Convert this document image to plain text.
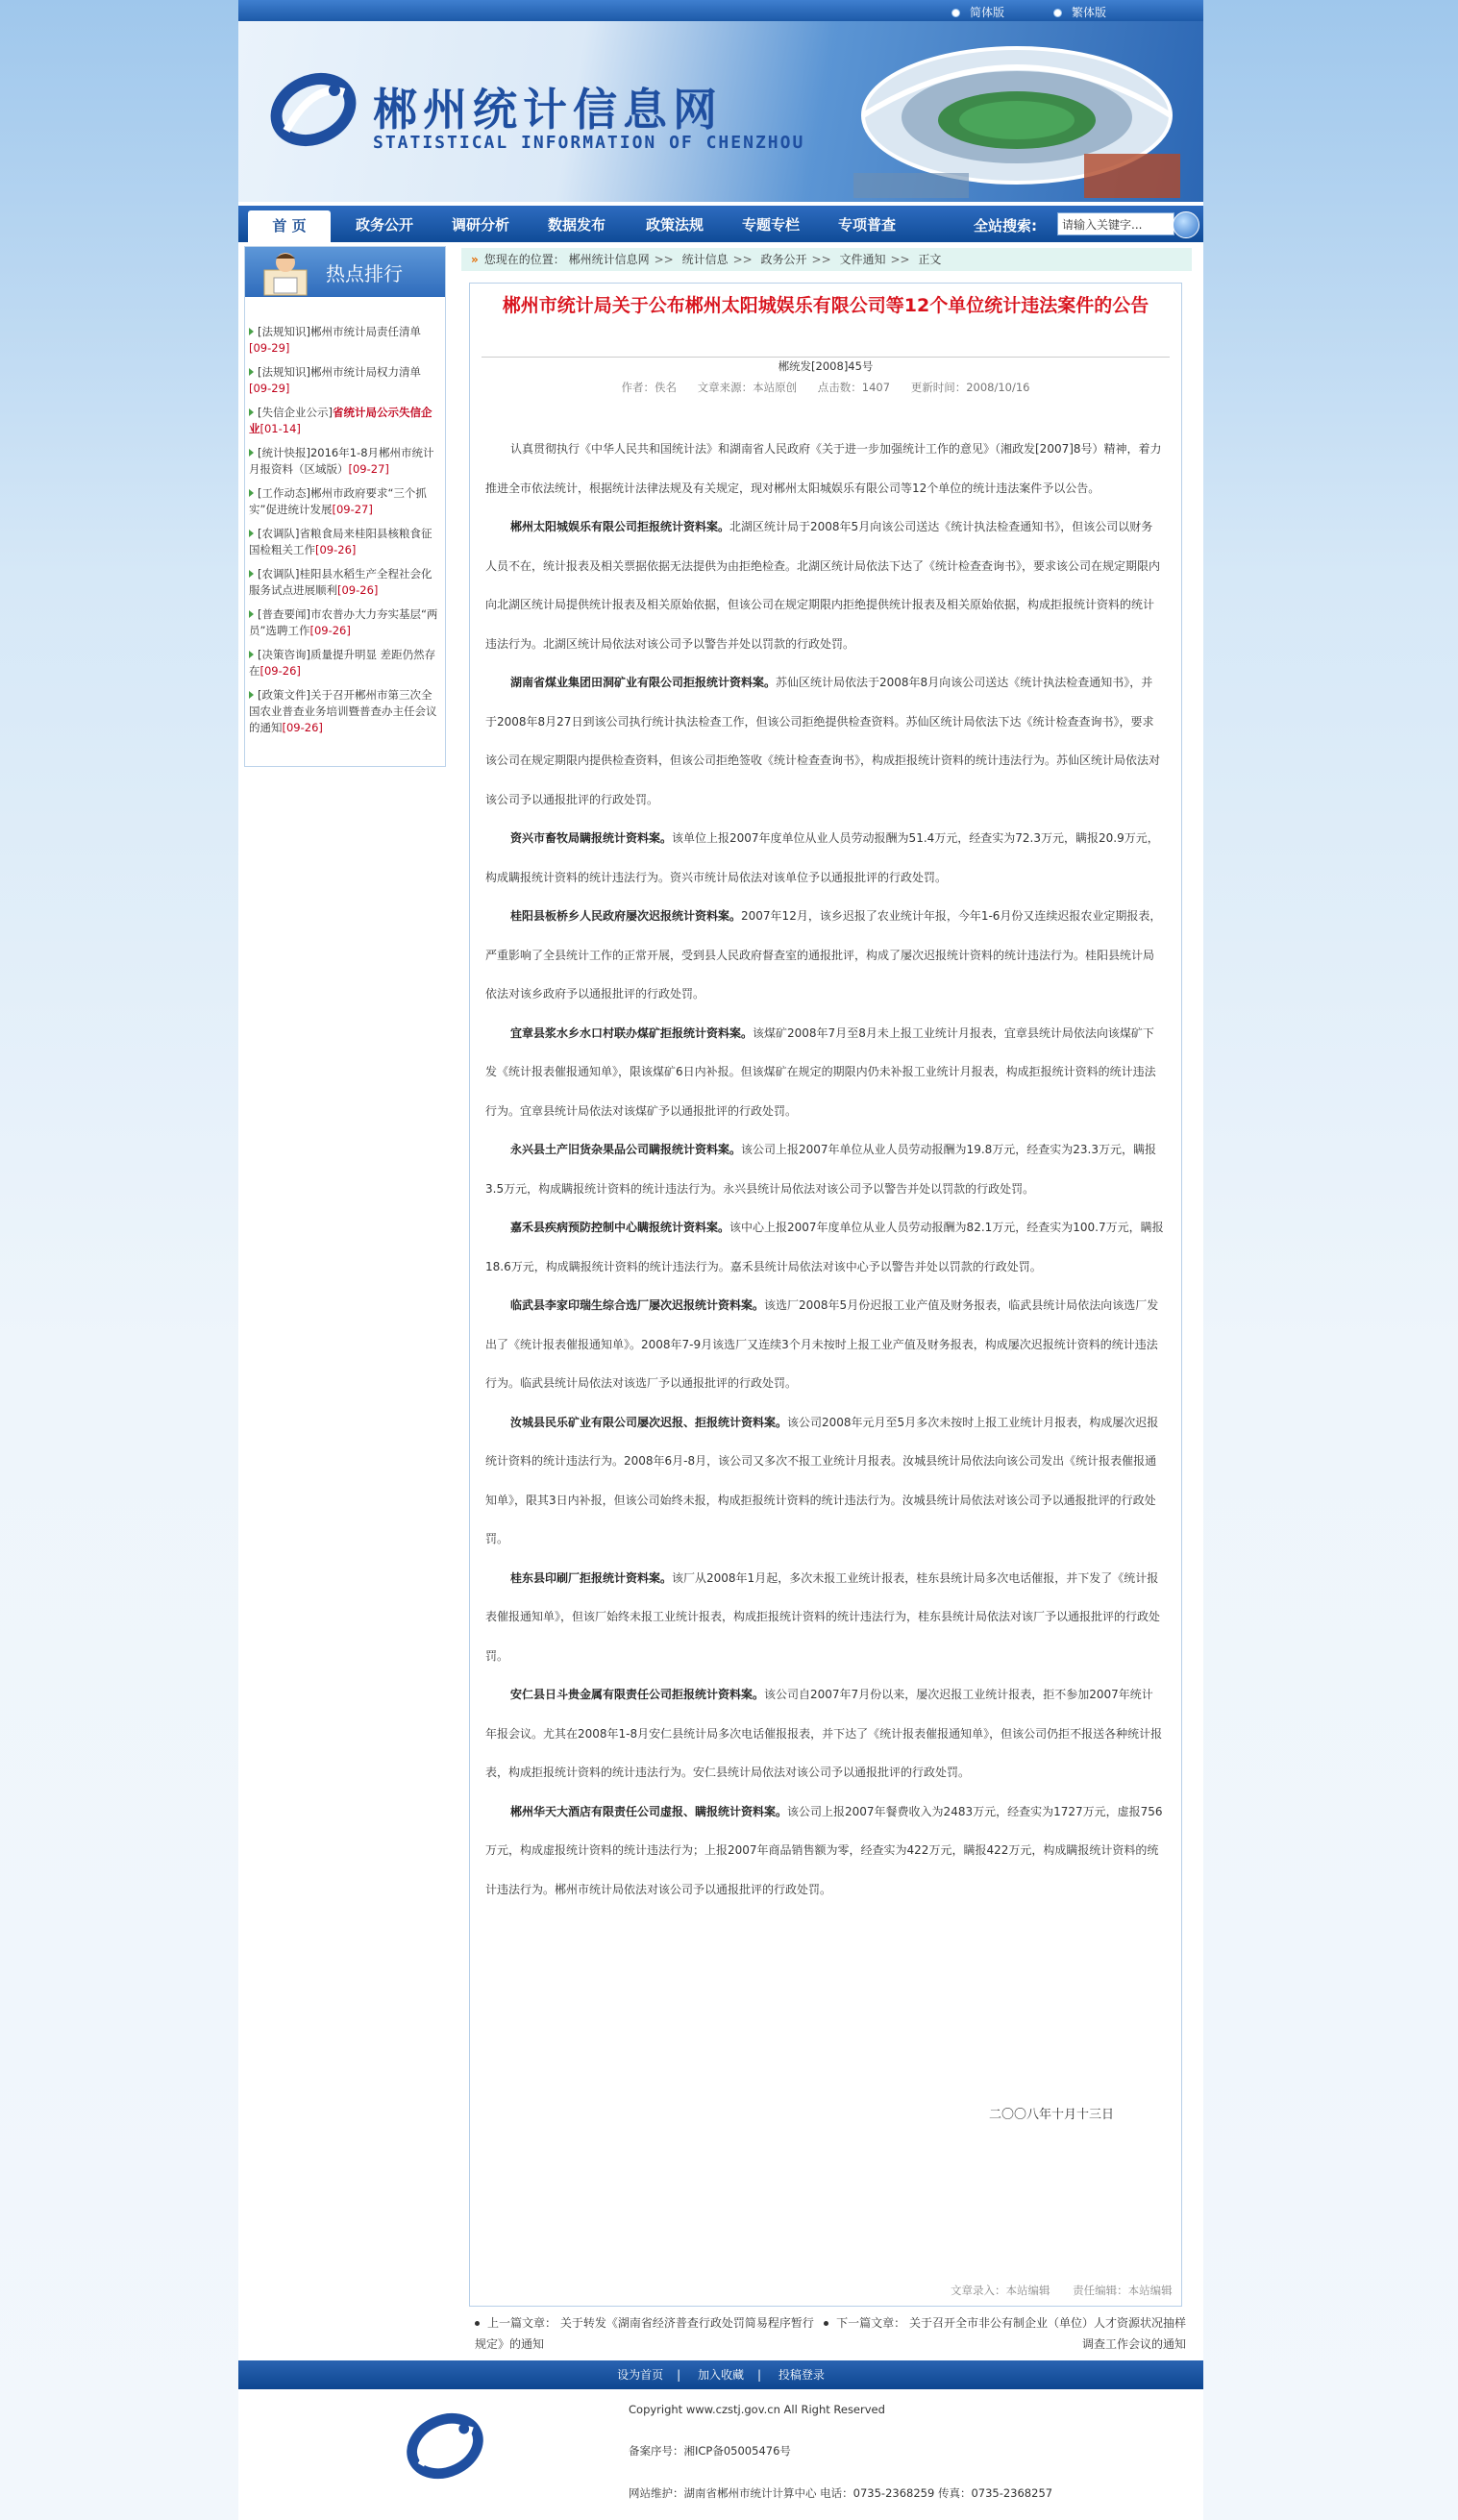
简体版	繁体版
郴州统计信息网
STATISTICAL INFORMATION OF CHENZHOU
首 页	政务公开	调研分析	数据发布	政策法规	专题专栏	专项普查	全站搜索:
请输入关键字...
热点排行
[法规知识]郴州市统计局责任清单
[09-29]
[法规知识]郴州市统计局权力清单
[09-29]
[失信企业公示]省统计局公示失信企业[01-14]
[统计快报]2016年1-8月郴州市统计月报资料（区域版）[09-27]
[工作动态]郴州市政府要求“三个抓实”促进统计发展[09-27]
[农调队]省粮食局来桂阳县核粮食征国检粗关工作[09-26]
[农调队]桂阳县水稻生产全程社会化服务试点进展顺利[09-26]
[普查要闻]市农普办大力夯实基层“两员”选聘工作[09-26]
[决策咨询]质量提升明显 差距仍然存在[09-26]
[政策文件]关于召开郴州市第三次全国农业普查业务培训暨普查办主任会议的通知[09-26]
» 您现在的位置： 郴州统计信息网 >> 统计信息 >> 政务公开 >> 文件通知 >> 正文
郴州市统计局关于公布郴州太阳城娱乐有限公司等12个单位统计违法案件的公告
郴统发[2008]45号
作者：佚名 文章来源：本站原创 点击数：1407 更新时间：2008/10/16

认真贯彻执行《中华人民共和国统计法》和湖南省人民政府《关于进一步加强统计工作的意见》（湘政发[2007]8号）精神，着力推进全市依法统计，根据统计法律法规及有关规定，现对郴州太阳城娱乐有限公司等12个单位的统计违法案件予以公告。

郴州太阳城娱乐有限公司拒报统计资料案。北湖区统计局于2008年5月向该公司送达《统计执法检查通知书》，但该公司以财务人员不在，统计报表及相关票据依据无法提供为由拒绝检查。北湖区统计局依法下达了《统计检查查询书》，要求该公司在规定期限内向北湖区统计局提供统计报表及相关原始依据，但该公司在规定期限内拒绝提供统计报表及相关原始依据，构成拒报统计资料的统计违法行为。北湖区统计局依法对该公司予以警告并处以罚款的行政处罚。

湖南省煤业集团田洞矿业有限公司拒报统计资料案。苏仙区统计局依法于2008年8月向该公司送达《统计执法检查通知书》，并于2008年8月27日到该公司执行统计执法检查工作，但该公司拒绝提供检查资料。苏仙区统计局依法下达《统计检查查询书》，要求该公司在规定期限内提供检查资料，但该公司拒绝签收《统计检查查询书》，构成拒报统计资料的统计违法行为。苏仙区统计局依法对该公司予以通报批评的行政处罚。

资兴市畜牧局瞒报统计资料案。该单位上报2007年度单位从业人员劳动报酬为51.4万元，经查实为72.3万元，瞒报20.9万元，构成瞒报统计资料的统计违法行为。资兴市统计局依法对该单位予以通报批评的行政处罚。

桂阳县板桥乡人民政府屡次迟报统计资料案。2007年12月，该乡迟报了农业统计年报，今年1-6月份又连续迟报农业定期报表，严重影响了全县统计工作的正常开展，受到县人民政府督查室的通报批评，构成了屡次迟报统计资料的统计违法行为。桂阳县统计局依法对该乡政府予以通报批评的行政处罚。

宜章县浆水乡水口村联办煤矿拒报统计资料案。该煤矿2008年7月至8月未上报工业统计月报表，宜章县统计局依法向该煤矿下发《统计报表催报通知单》，限该煤矿6日内补报。但该煤矿在规定的期限内仍未补报工业统计月报表，构成拒报统计资料的统计违法行为。宜章县统计局依法对该煤矿予以通报批评的行政处罚。

永兴县土产旧货杂果品公司瞒报统计资料案。该公司上报2007年单位从业人员劳动报酬为19.8万元，经查实为23.3万元，瞒报3.5万元，构成瞒报统计资料的统计违法行为。永兴县统计局依法对该公司予以警告并处以罚款的行政处罚。

嘉禾县疾病预防控制中心瞒报统计资料案。该中心上报2007年度单位从业人员劳动报酬为82.1万元，经查实为100.7万元，瞒报18.6万元，构成瞒报统计资料的统计违法行为。嘉禾县统计局依法对该中心予以警告并处以罚款的行政处罚。

临武县李家印瑞生综合选厂屡次迟报统计资料案。该选厂2008年5月份迟报工业产值及财务报表，临武县统计局依法向该选厂发出了《统计报表催报通知单》。2008年7-9月该选厂又连续3个月未按时上报工业产值及财务报表，构成屡次迟报统计资料的统计违法行为。临武县统计局依法对该选厂予以通报批评的行政处罚。

汝城县民乐矿业有限公司屡次迟报、拒报统计资料案。该公司2008年元月至5月多次未按时上报工业统计月报表，构成屡次迟报统计资料的统计违法行为。2008年6月-8月，该公司又多次不报工业统计月报表。汝城县统计局依法向该公司发出《统计报表催报通知单》，限其3日内补报，但该公司始终未报，构成拒报统计资料的统计违法行为。汝城县统计局依法对该公司予以通报批评的行政处罚。

桂东县印刷厂拒报统计资料案。该厂从2008年1月起，多次未报工业统计报表，桂东县统计局多次电话催报，并下发了《统计报表催报通知单》，但该厂始终未报工业统计报表，构成拒报统计资料的统计违法行为，桂东县统计局依法对该厂予以通报批评的行政处罚。

安仁县日斗贵金属有限责任公司拒报统计资料案。该公司自2007年7月份以来，屡次迟报工业统计报表，拒不参加2007年统计年报会议。尤其在2008年1-8月安仁县统计局多次电话催报报表，并下达了《统计报表催报通知单》，但该公司仍拒不报送各种统计报表，构成拒报统计资料的统计违法行为。安仁县统计局依法对该公司予以通报批评的行政处罚。

郴州华天大酒店有限责任公司虚报、瞒报统计资料案。该公司上报2007年餐费收入为2483万元，经查实为1727万元，虚报756万元，构成虚报统计资料的统计违法行为；上报2007年商品销售额为零，经查实为422万元，瞒报422万元，构成瞒报统计资料的统计违法行为。郴州市统计局依法对该公司予以通报批评的行政处罚。

二〇〇八年十月十三日
文章录入：本站编辑 责任编辑：本站编辑
上一篇文章： 关于转发《湖南省经济普查行政处罚简易程序暂行规定》的通知
下一篇文章： 关于召开全市非公有制企业（单位）人才资源状况抽样调查工作会议的通知
设为首页 | 加入收藏 | 投稿登录
Copyright www.czstj.gov.cn All Right Reserved
备案序号：湘ICP备05005476号
网站维护：湖南省郴州市统计计算中心 电话：0735-2368259 传真：0735-2368257
